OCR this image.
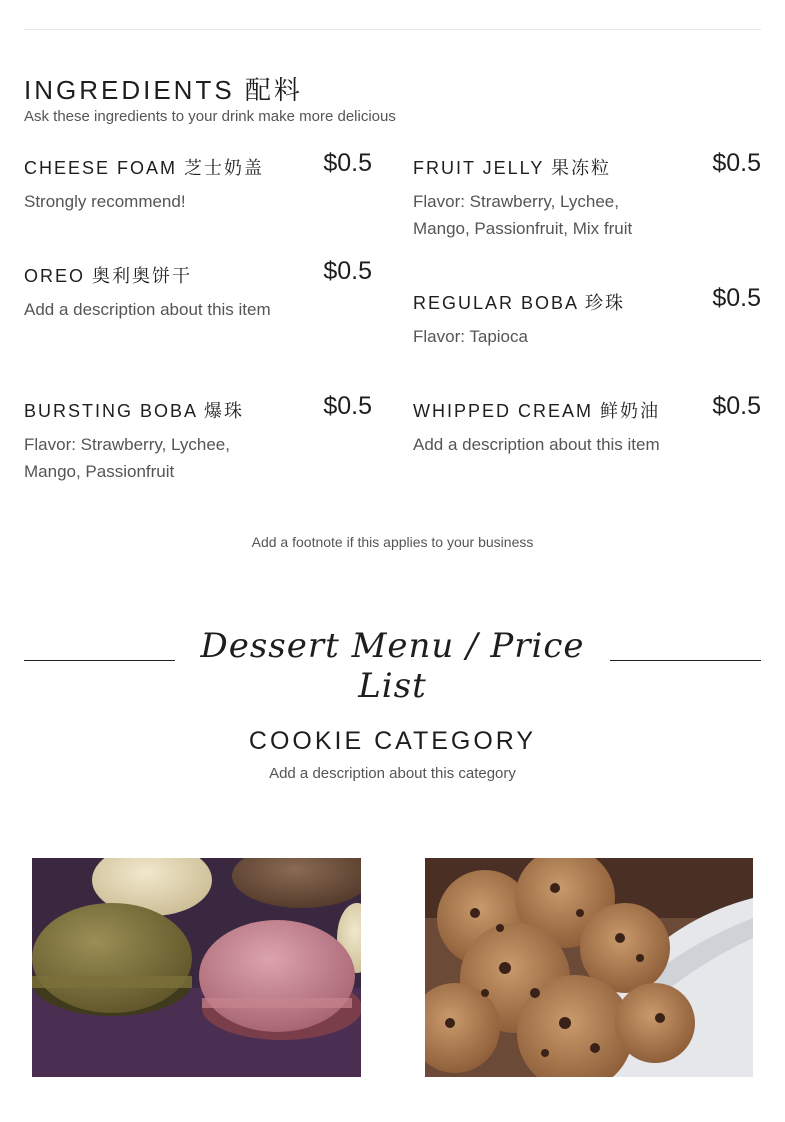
INGREDIENTS 配料

Ask these ingredients to your drink make more delicious

CHEESE FOAM 芝士奶盖 $0.5
Strongly recommend!
OREO 奥利奥饼干	$0.5
Add a description about this item
BURSTING BOBA 爆珠	$0.5
Flavor: Strawberry, Lychee, Mango, Passionfruit
FRUIT JELLY 果冻粒	$0.5
Flavor: Strawberry, Lychee, Mango, Passionfruit, Mix fruit
REGULAR BOBA 珍珠	$0.5
Flavor: Tapioca
WHIPPED CREAM 鲜奶油 $0.5
Add a description about this item
Add a footnote if this applies to your business
Dessert Menu / Price List
COOKIE CATEGORY
Add a description about this category
